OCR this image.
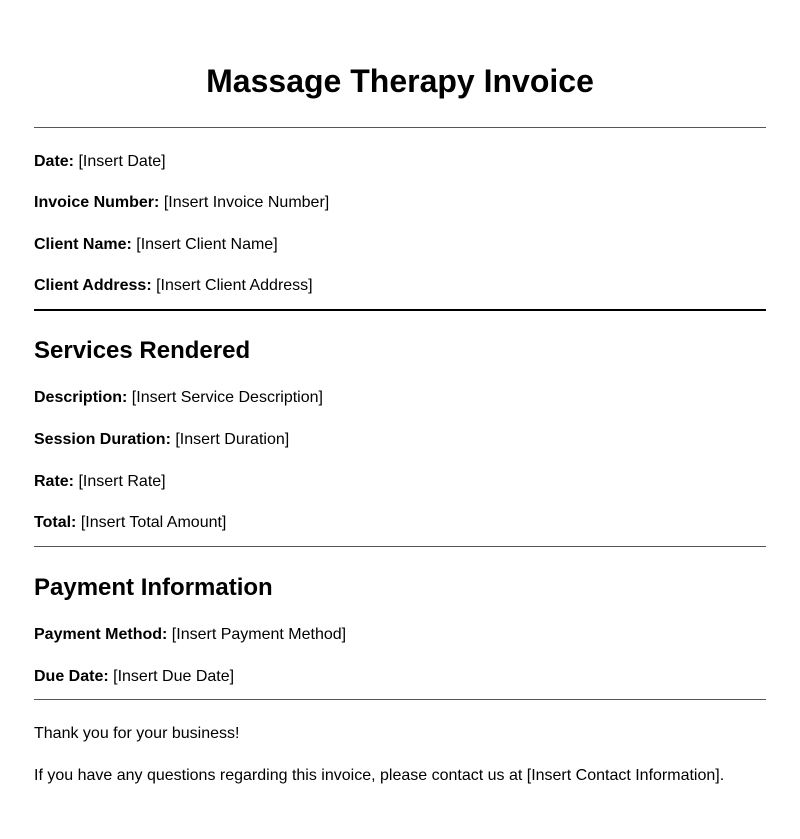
Massage Therapy Invoice

Date: [Insert Date]

Invoice Number: [Insert Invoice Number]

Client Name: [Insert Client Name]

Client Address: [Insert Client Address]

Services Rendered

Description: [Insert Service Description]

Session Duration: [Insert Duration]

Rate: [Insert Rate]

Total: [Insert Total Amount]

Payment Information

Payment Method: [Insert Payment Method]

Due Date: [Insert Due Date]

Thank you for your business!

If you have any questions regarding this invoice, please contact us at [Insert Contact Information].
